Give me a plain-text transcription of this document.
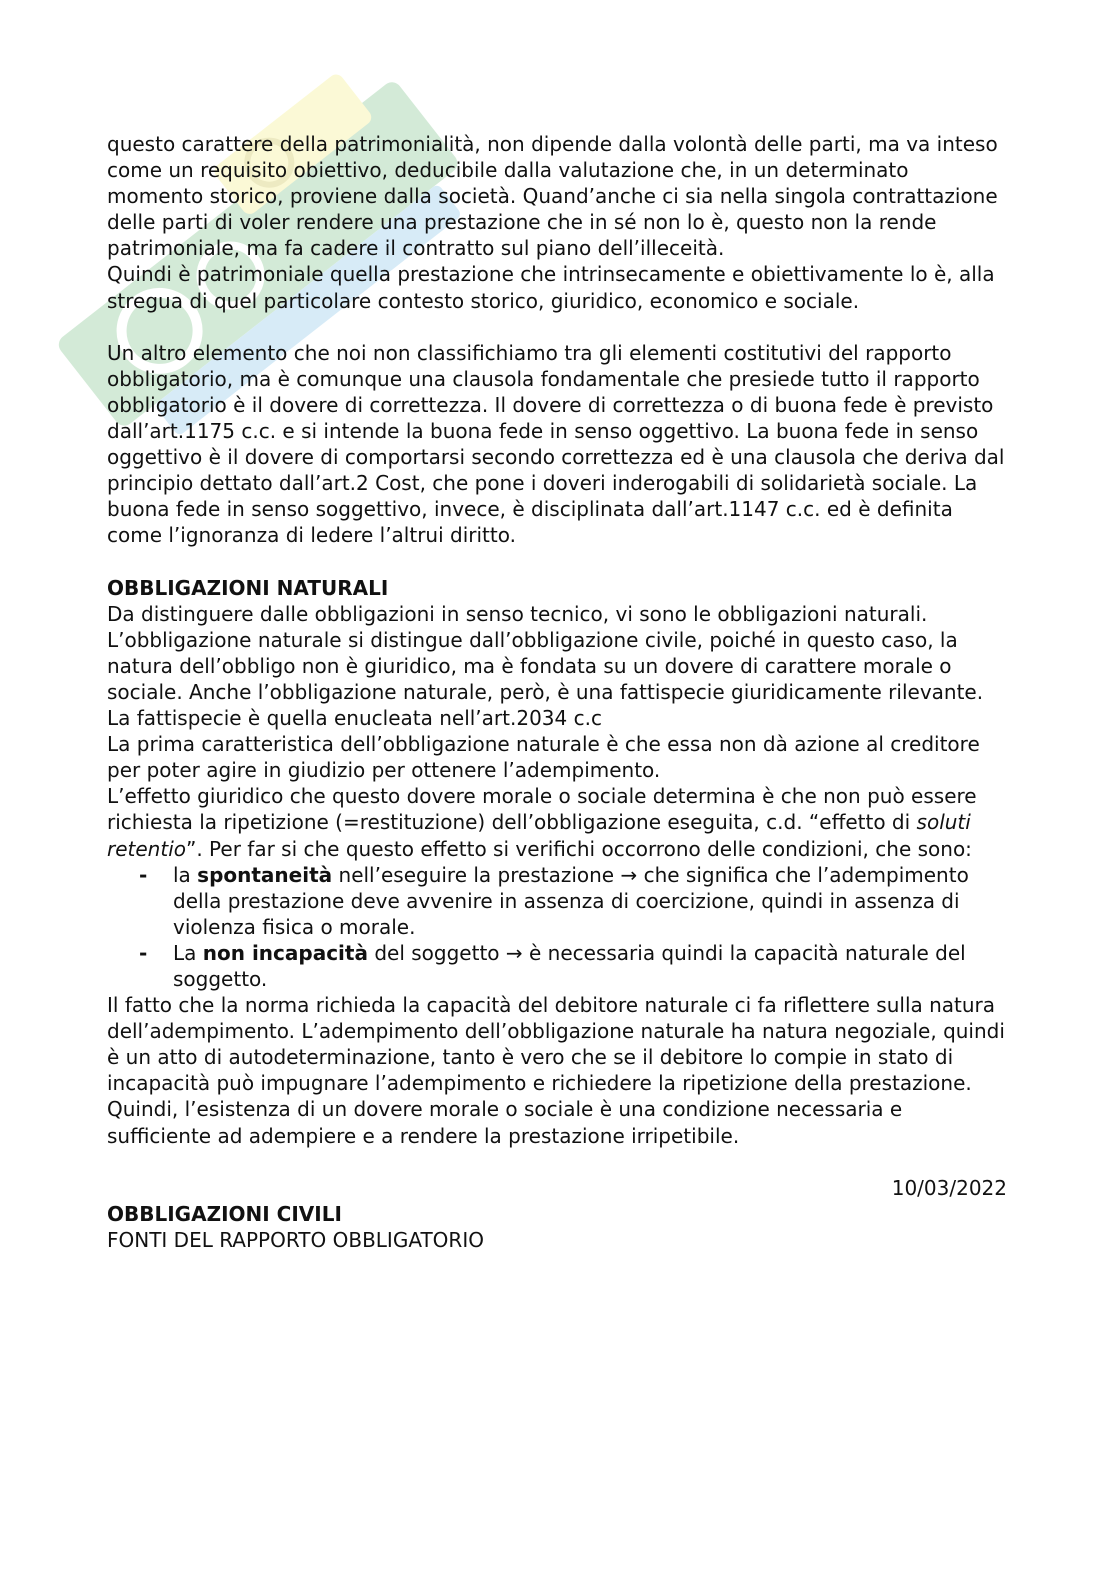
questo carattere della patrimonialità, non dipende dalla volontà delle parti, ma va inteso come un requisito obiettivo, deducibile dalla valutazione che, in un determinato momento storico, proviene dalla società. Quand’anche ci sia nella singola contrattazione delle parti di voler rendere una prestazione che in sé non lo è, questo non la rende patrimoniale, ma fa cadere il contratto sul piano dell’illeceità.

Quindi è patrimoniale quella prestazione che intrinsecamente e obiettivamente lo è, alla stregua di quel particolare contesto storico, giuridico, economico e sociale.

Un altro elemento che noi non classifichiamo tra gli elementi costitutivi del rapporto obbligatorio, ma è comunque una clausola fondamentale che presiede tutto il rapporto obbligatorio è il dovere di correttezza. Il dovere di correttezza o di buona fede è previsto dall’art.1175 c.c. e si intende la buona fede in senso oggettivo. La buona fede in senso oggettivo è il dovere di comportarsi secondo correttezza ed è una clausola che deriva dal principio dettato dall’art.2 Cost, che pone i doveri inderogabili di solidarietà sociale. La buona fede in senso soggettivo, invece, è disciplinata dall’art.1147 c.c. ed è definita come l’ignoranza di ledere l’altrui diritto.

OBBLIGAZIONI NATURALI

Da distinguere dalle obbligazioni in senso tecnico, vi sono le obbligazioni naturali. L’obbligazione naturale si distingue dall’obbligazione civile, poiché in questo caso, la natura dell’obbligo non è giuridico, ma è fondata su un dovere di carattere morale o sociale. Anche l’obbligazione naturale, però, è una fattispecie giuridicamente rilevante. La fattispecie è quella enucleata nell’art.2034 c.c

La prima caratteristica dell’obbligazione naturale è che essa non dà azione al creditore per poter agire in giudizio per ottenere l’adempimento.

L’effetto giuridico che questo dovere morale o sociale determina è che non può essere richiesta la ripetizione (=restituzione) dell’obbligazione eseguita, c.d. “effetto di soluti retentio”. Per far si che questo effetto si verifichi occorrono delle condizioni, che sono:

- la spontaneità nell’eseguire la prestazione → che significa che l’adempimento della prestazione deve avvenire in assenza di coercizione, quindi in assenza di violenza fisica o morale.
- La non incapacità del soggetto → è necessaria quindi la capacità naturale del soggetto.

Il fatto che la norma richieda la capacità del debitore naturale ci fa riflettere sulla natura dell’adempimento. L’adempimento dell’obbligazione naturale ha natura negoziale, quindi è un atto di autodeterminazione, tanto è vero che se il debitore lo compie in stato di incapacità può impugnare l’adempimento e richiedere la ripetizione della prestazione. Quindi, l’esistenza di un dovere morale o sociale è una condizione necessaria e sufficiente ad adempiere e a rendere la prestazione irripetibile.

10/03/2022

OBBLIGAZIONI CIVILI

FONTI DEL RAPPORTO OBBLIGATORIO
